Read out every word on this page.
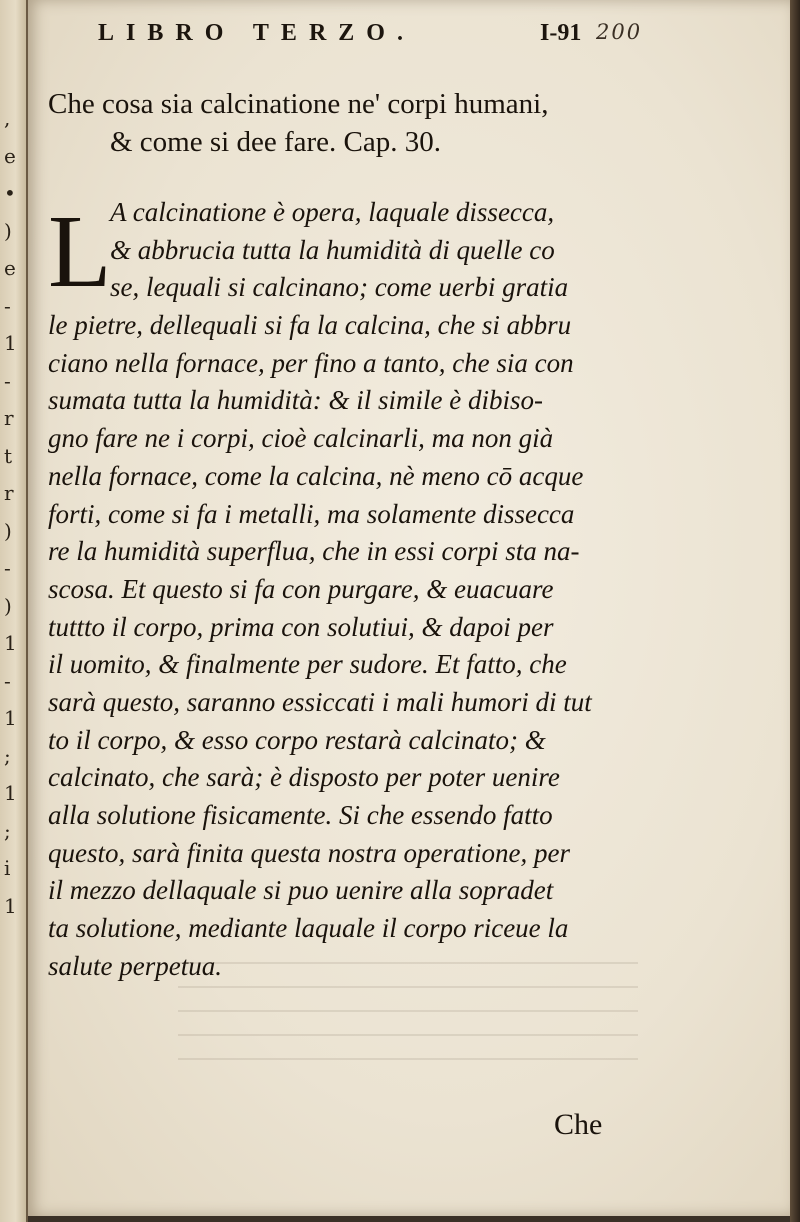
,
e
•
)
e
-
1
-
r
t
r
)
-
)
1
-
1
;
1
;
i
1
LIBRO TERZO.	I-91 200
Che cosa sia calcinatione ne' corpi humani,
& come si dee fare. Cap. 30.
L
A calcinatione è opera, laquale dissecca,
& abbrucia tutta la humidità di quelle co
se, lequali si calcinano; come uerbi gratia
le pietre, dellequali si fa la calcina, che si abbru
ciano nella fornace, per fino a tanto, che sia con
sumata tutta la humidità: & il simile è dibiso-
gno fare ne i corpi, cioè calcinarli, ma non già
nella fornace, come la calcina, nè meno cō acque
forti, come si fa i metalli, ma solamente dissecca
re la humidità superflua, che in essi corpi sta na-
scosa. Et questo si fa con purgare, & euacuare
tuttto il corpo, prima con solutiui, & dapoi per
il uomito, & finalmente per sudore. Et fatto, che
sarà questo, saranno essiccati i mali humori di tut
to il corpo, & esso corpo restarà calcinato; &
calcinato, che sarà; è disposto per poter uenire
alla solutione fisicamente. Si che essendo fatto
questo, sarà finita questa nostra operatione, per
il mezzo dellaquale si puo uenire alla sopradet
ta solutione, mediante laquale il corpo riceue la
salute perpetua.
Che
